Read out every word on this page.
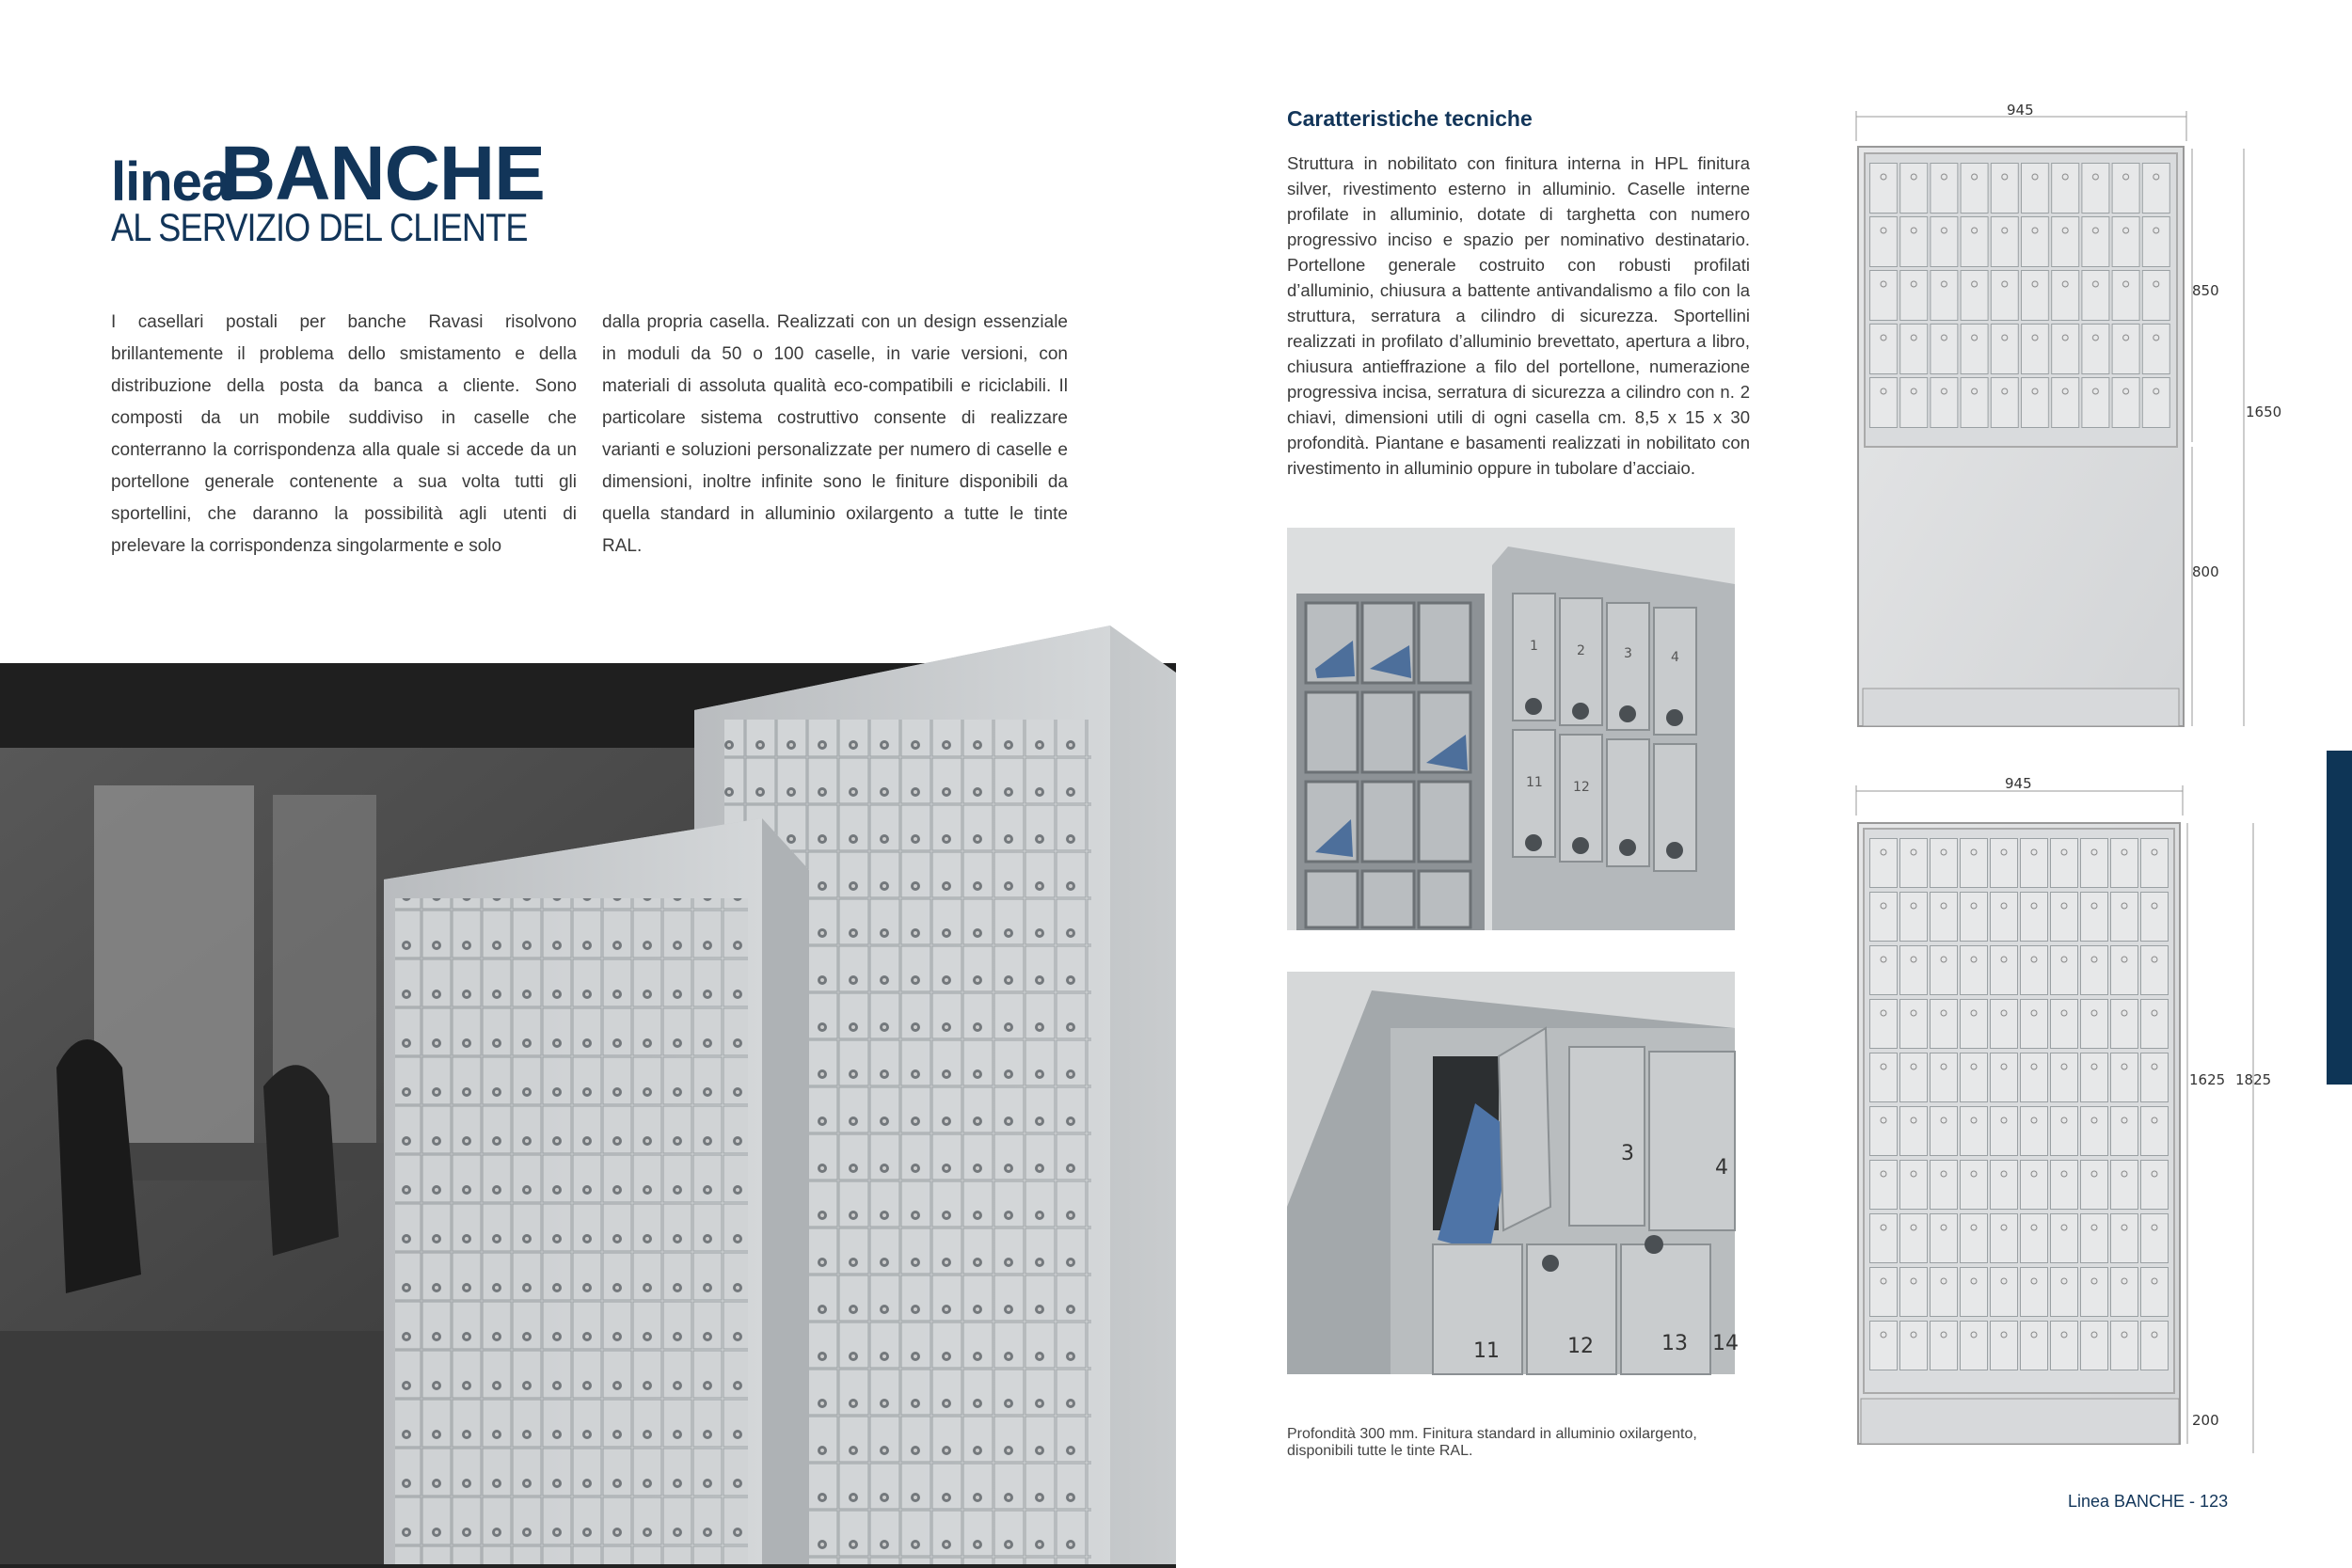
linea
BANCHE
AL SERVIZIO DEL CLIENTE
I casellari postali per banche Ravasi risolvono brillantemente il problema dello smistamento e della distribuzione della posta da banca a cliente. Sono composti da un mobile suddiviso in caselle che conterranno la corrispondenza alla quale si accede da un portellone generale contenente a sua volta tutti gli sportellini, che daranno la possibilità agli utenti di prelevare la corrispondenza singolarmente e solo
dalla propria casella. Realizzati con un design essenziale in moduli da 50 o 100 caselle, in varie versioni, con materiali di assoluta qualità eco-compatibili e riciclabili. Il particolare sistema costruttivo consente di realizzare varianti e soluzioni personalizzate per numero di caselle e dimensioni, inoltre infinite sono le finiture disponibili da quella standard in alluminio oxilargento a tutte le tinte RAL.
Caratteristiche tecniche
Struttura in nobilitato con finitura interna in HPL finitura silver, rivestimento esterno in alluminio. Caselle interne profilate in alluminio, dotate di targhetta con numero progressivo inciso e spazio per nominativo destinatario. Portellone generale costruito con robusti profilati d’alluminio, chiusura a battente antivandalismo a filo con la struttura, serratura a cilindro di sicurezza. Sportellini realizzati in profilato d’alluminio brevettato, apertura a libro, chiusura antieffrazione a filo del portellone, numerazione progressiva incisa, serratura di sicurezza a cilindro con n. 2 chiavi, dimensioni utili di ogni casella cm. 8,5 x 15 x 30 profondità. Piantane e basamenti realizzati in nobilitato con rivestimento in alluminio oppure in tubolare d’acciaio.
1	2	3	4
11 12
3
4
11	12	13 14
Profondità 300 mm. Finitura standard in alluminio oxilargento, disponibili tutte le tinte RAL.
945
850
1650
800
945
1625 1825
200
Linea BANCHE - 123
